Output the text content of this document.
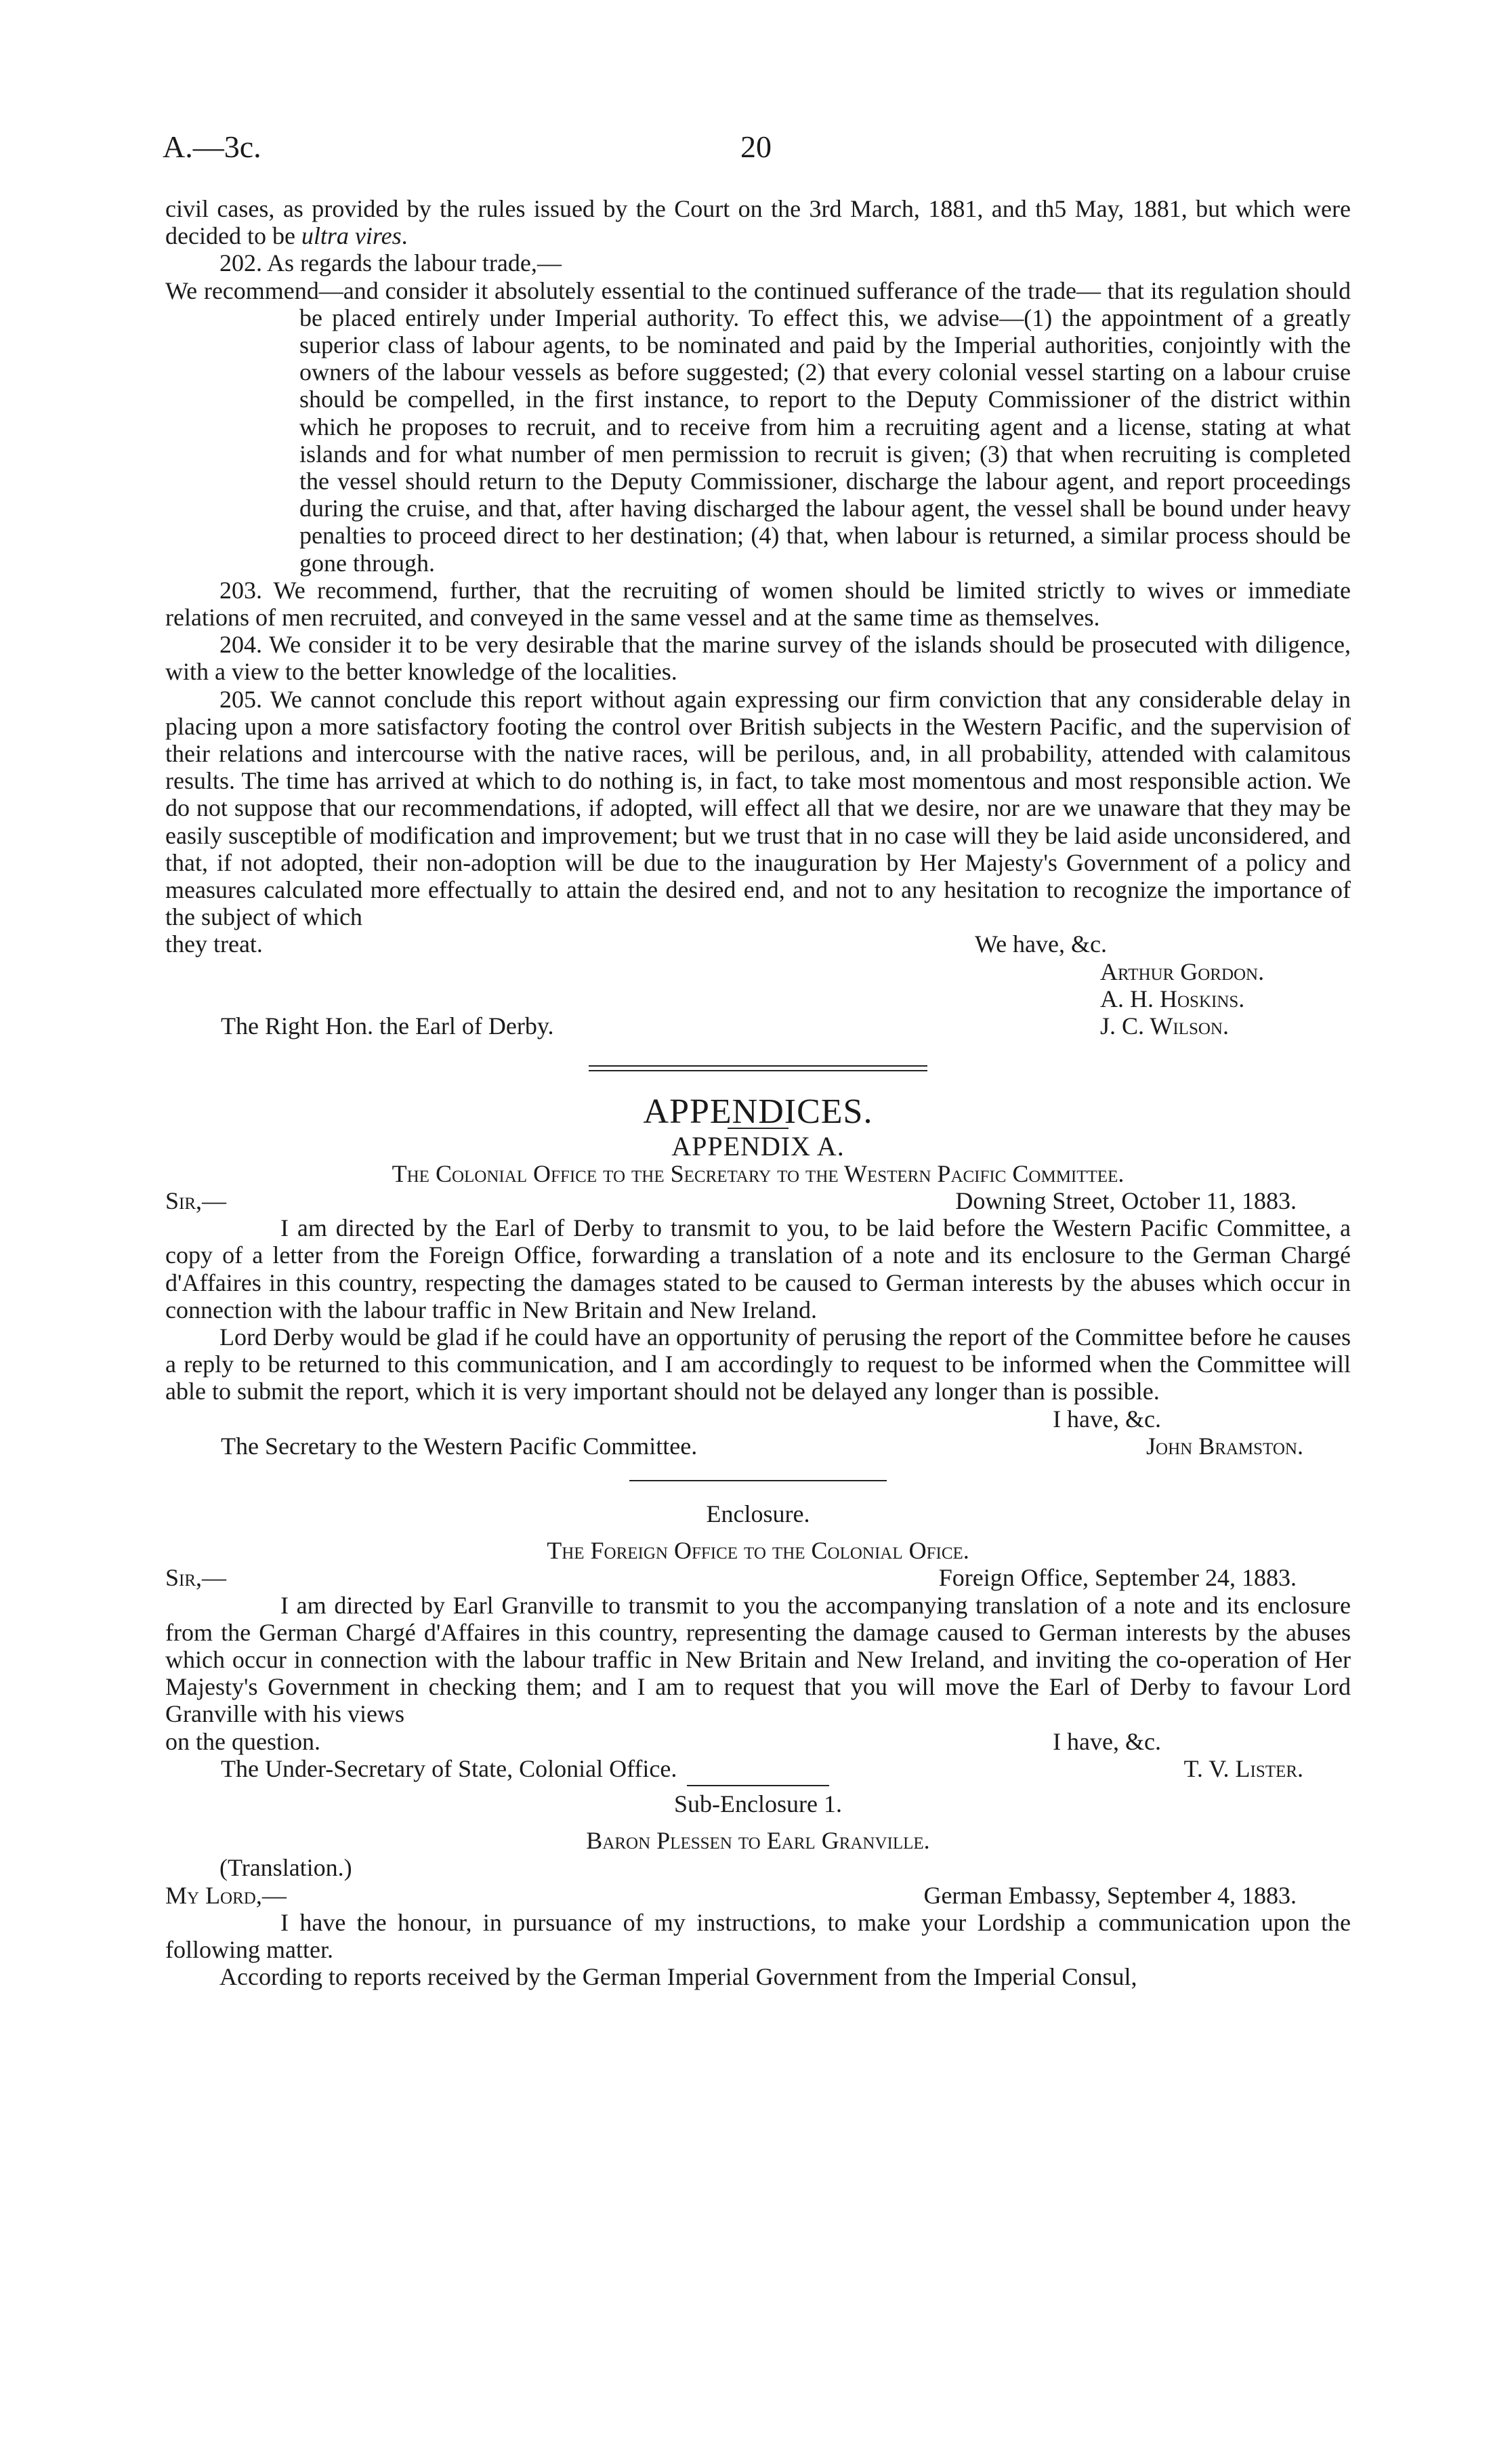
A.—3c.	20

civil cases, as provided by the rules issued by the Court on the 3rd March, 1881, and th5 May, 1881, but which were decided to be ultra vires.

202. As regards the labour trade,—

We recommend—and consider it absolutely essential to the continued sufferance of the trade— that its regulation should be placed entirely under Imperial authority. To effect this, we advise—(1) the appointment of a greatly superior class of labour agents, to be nominated and paid by the Imperial authorities, conjointly with the owners of the labour vessels as before suggested; (2) that every colonial vessel starting on a labour cruise should be compelled, in the first instance, to report to the Deputy Commissioner of the district within which he proposes to recruit, and to receive from him a recruiting agent and a license, stating at what islands and for what number of men permission to recruit is given; (3) that when recruiting is completed the vessel should return to the Deputy Commissioner, discharge the labour agent, and report proceedings during the cruise, and that, after having discharged the labour agent, the vessel shall be bound under heavy penalties to proceed direct to her destination; (4) that, when labour is returned, a similar process should be gone through.

203. We recommend, further, that the recruiting of women should be limited strictly to wives or immediate relations of men recruited, and conveyed in the same vessel and at the same time as themselves.

204. We consider it to be very desirable that the marine survey of the islands should be prosecuted with diligence, with a view to the better knowledge of the localities.

205. We cannot conclude this report without again expressing our firm conviction that any considerable delay in placing upon a more satisfactory footing the control over British subjects in the Western Pacific, and the supervision of their relations and intercourse with the native races, will be perilous, and, in all probability, attended with calamitous results. The time has arrived at which to do nothing is, in fact, to take most momentous and most responsible action. We do not suppose that our recommendations, if adopted, will effect all that we desire, nor are we unaware that they may be easily susceptible of modification and improvement; but we trust that in no case will they be laid aside unconsidered, and that, if not adopted, their non-adoption will be due to the inauguration by Her Majesty's Government of a policy and measures calculated more effectually to attain the desired end, and not to any hesitation to recognize the importance of the subject of which

they treat.	We have, &c.
Arthur Gordon.
A. H. Hoskins.
The Right Hon. the Earl of Derby.	J. C. Wilson.
APPENDICES.
APPENDIX A.
The Colonial Office to the Secretary to the Western Pacific Committee.
Sir,—	Downing Street, October 11, 1883.

I am directed by the Earl of Derby to transmit to you, to be laid before the Western Pacific Committee, a copy of a letter from the Foreign Office, forwarding a translation of a note and its enclosure to the German Chargé d'Affaires in this country, respecting the damages stated to be caused to German interests by the abuses which occur in connection with the labour traffic in New Britain and New Ireland.

Lord Derby would be glad if he could have an opportunity of perusing the report of the Committee before he causes a reply to be returned to this communication, and I am accordingly to request to be informed when the Committee will able to submit the report, which it is very important should not be delayed any longer than is possible.

I have, &c.
The Secretary to the Western Pacific Committee.	John Bramston.
Enclosure.
The Foreign Office to the Colonial Ofice.
Sir,—	Foreign Office, September 24, 1883.

I am directed by Earl Granville to transmit to you the accompanying translation of a note and its enclosure from the German Chargé d'Affaires in this country, representing the damage caused to German interests by the abuses which occur in connection with the labour traffic in New Britain and New Ireland, and inviting the co-operation of Her Majesty's Government in checking them; and I am to request that you will move the Earl of Derby to favour Lord Granville with his views

on the question.	I have, &c.
The Under-Secretary of State, Colonial Office.	T. V. Lister.
Sub-Enclosure 1.
Baron Plessen to Earl Granville.
(Translation.)
My Lord,—	German Embassy, September 4, 1883.

I have the honour, in pursuance of my instructions, to make your Lordship a communication upon the following matter.

According to reports received by the German Imperial Government from the Imperial Consul,
